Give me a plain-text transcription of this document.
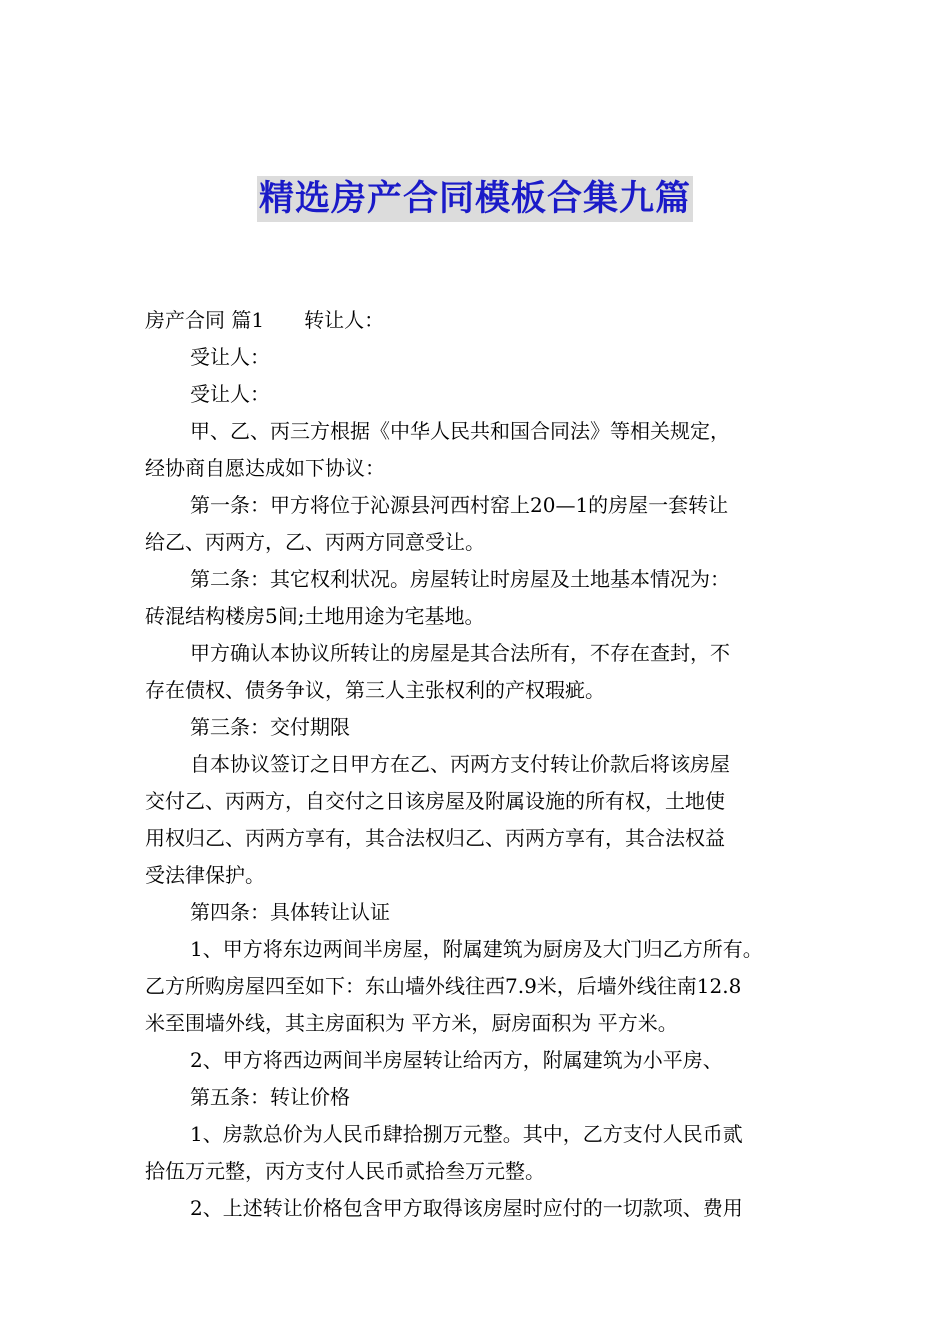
精选房产合同模板合集九篇
房产合同 篇1 转让人：
受让人：
受让人：
甲、乙、丙三方根据《中华人民共和国合同法》等相关规定，
经协商自愿达成如下协议：
第一条：甲方将位于沁源县河西村窑上20—1的房屋一套转让
给乙、丙两方，乙、丙两方同意受让。
第二条：其它权利状况。房屋转让时房屋及土地基本情况为：
砖混结构楼房5间;土地用途为宅基地。
甲方确认本协议所转让的房屋是其合法所有，不存在查封，不
存在债权、债务争议，第三人主张权利的产权瑕疵。
第三条：交付期限
自本协议签订之日甲方在乙、丙两方支付转让价款后将该房屋
交付乙、丙两方，自交付之日该房屋及附属设施的所有权，土地使
用权归乙、丙两方享有，其合法权归乙、丙两方享有，其合法权益
受法律保护。
第四条：具体转让认证
1、甲方将东边两间半房屋，附属建筑为厨房及大门归乙方所有。
乙方所购房屋四至如下：东山墙外线往西7.9米，后墙外线往南12.8
米至围墙外线，其主房面积为 平方米，厨房面积为 平方米。
2、甲方将西边两间半房屋转让给丙方，附属建筑为小平房、
第五条：转让价格
1、房款总价为人民币肆拾捌万元整。其中，乙方支付人民币贰
拾伍万元整，丙方支付人民币贰拾叁万元整。
2、上述转让价格包含甲方取得该房屋时应付的一切款项、费用
